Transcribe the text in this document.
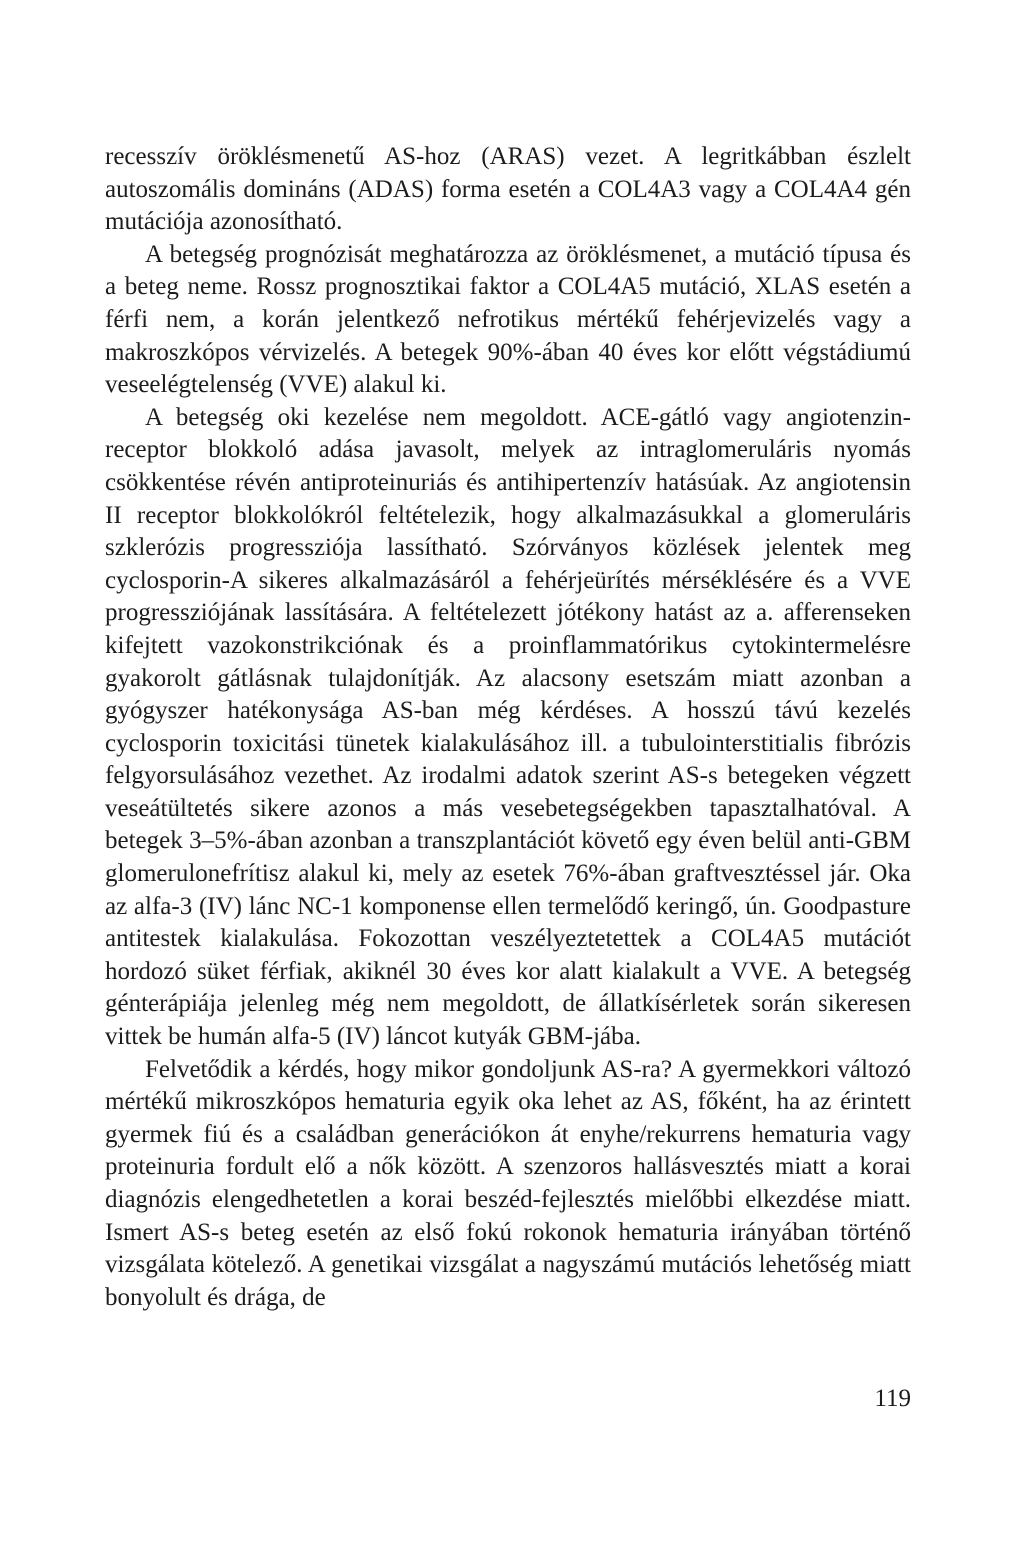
recesszív öröklésmenetű AS-hoz (ARAS) vezet. A legritkábban észlelt autoszomális domináns (ADAS) forma esetén a COL4A3 vagy a COL4A4 gén mutációja azonosítható.

A betegség prognózisát meghatározza az öröklésmenet, a mutáció típusa és a beteg neme. Rossz prognosztikai faktor a COL4A5 mutáció, XLAS esetén a férfi nem, a korán jelentkező nefrotikus mértékű fehérjevizelés vagy a makroszkópos vérvizelés. A betegek 90%-ában 40 éves kor előtt végstádiumú veseelégtelenség (VVE) alakul ki.

A betegség oki kezelése nem megoldott. ACE-gátló vagy angiotenzin-receptor blokkoló adása javasolt, melyek az intraglomeruláris nyomás csökkentése révén antiproteinuriás és antihipertenzív hatásúak. Az angiotensin II receptor blokkolókról feltételezik, hogy alkalmazásukkal a glomeruláris szklerózis progressziója lassítható. Szórványos közlések jelentek meg cyclosporin-A sikeres alkalmazásáról a fehérjeürítés mérséklésére és a VVE progressziójának lassítására. A feltételezett jótékony hatást az a. afferenseken kifejtett vazokonstrikciónak és a proinflammatórikus cytokintermelésre gyakorolt gátlásnak tulajdonítják. Az alacsony esetszám miatt azonban a gyógyszer hatékonysága AS-ban még kérdéses. A hosszú távú kezelés cyclosporin toxicitási tünetek kialakulásához ill. a tubulointerstitialis fibrózis felgyorsulásához vezethet. Az irodalmi adatok szerint AS-s betegeken végzett veseátültetés sikere azonos a más vesebetegségekben tapasztalhatóval. A betegek 3–5%-ában azonban a transzplantációt követő egy éven belül anti-GBM glomerulonefrítisz alakul ki, mely az esetek 76%-ában graftvesztéssel jár. Oka az alfa-3 (IV) lánc NC-1 komponense ellen termelődő keringő, ún. Goodpasture antitestek kialakulása. Fokozottan veszélyeztetettek a COL4A5 mutációt hordozó süket férfiak, akiknél 30 éves kor alatt kialakult a VVE. A betegség génterápiája jelenleg még nem megoldott, de állatkísérletek során sikeresen vittek be humán alfa-5 (IV) láncot kutyák GBM-jába.

Felvetődik a kérdés, hogy mikor gondoljunk AS-ra? A gyermekkori változó mértékű mikroszkópos hematuria egyik oka lehet az AS, főként, ha az érintett gyermek fiú és a családban generációkon át enyhe/rekurrens hematuria vagy proteinuria fordult elő a nők között. A szenzoros hallásvesztés miatt a korai diagnózis elengedhetetlen a korai beszéd-fejlesztés mielőbbi elkezdése miatt. Ismert AS-s beteg esetén az első fokú rokonok hematuria irányában történő vizsgálata kötelező. A genetikai vizsgálat a nagyszámú mutációs lehetőség miatt bonyolult és drága, de

119
